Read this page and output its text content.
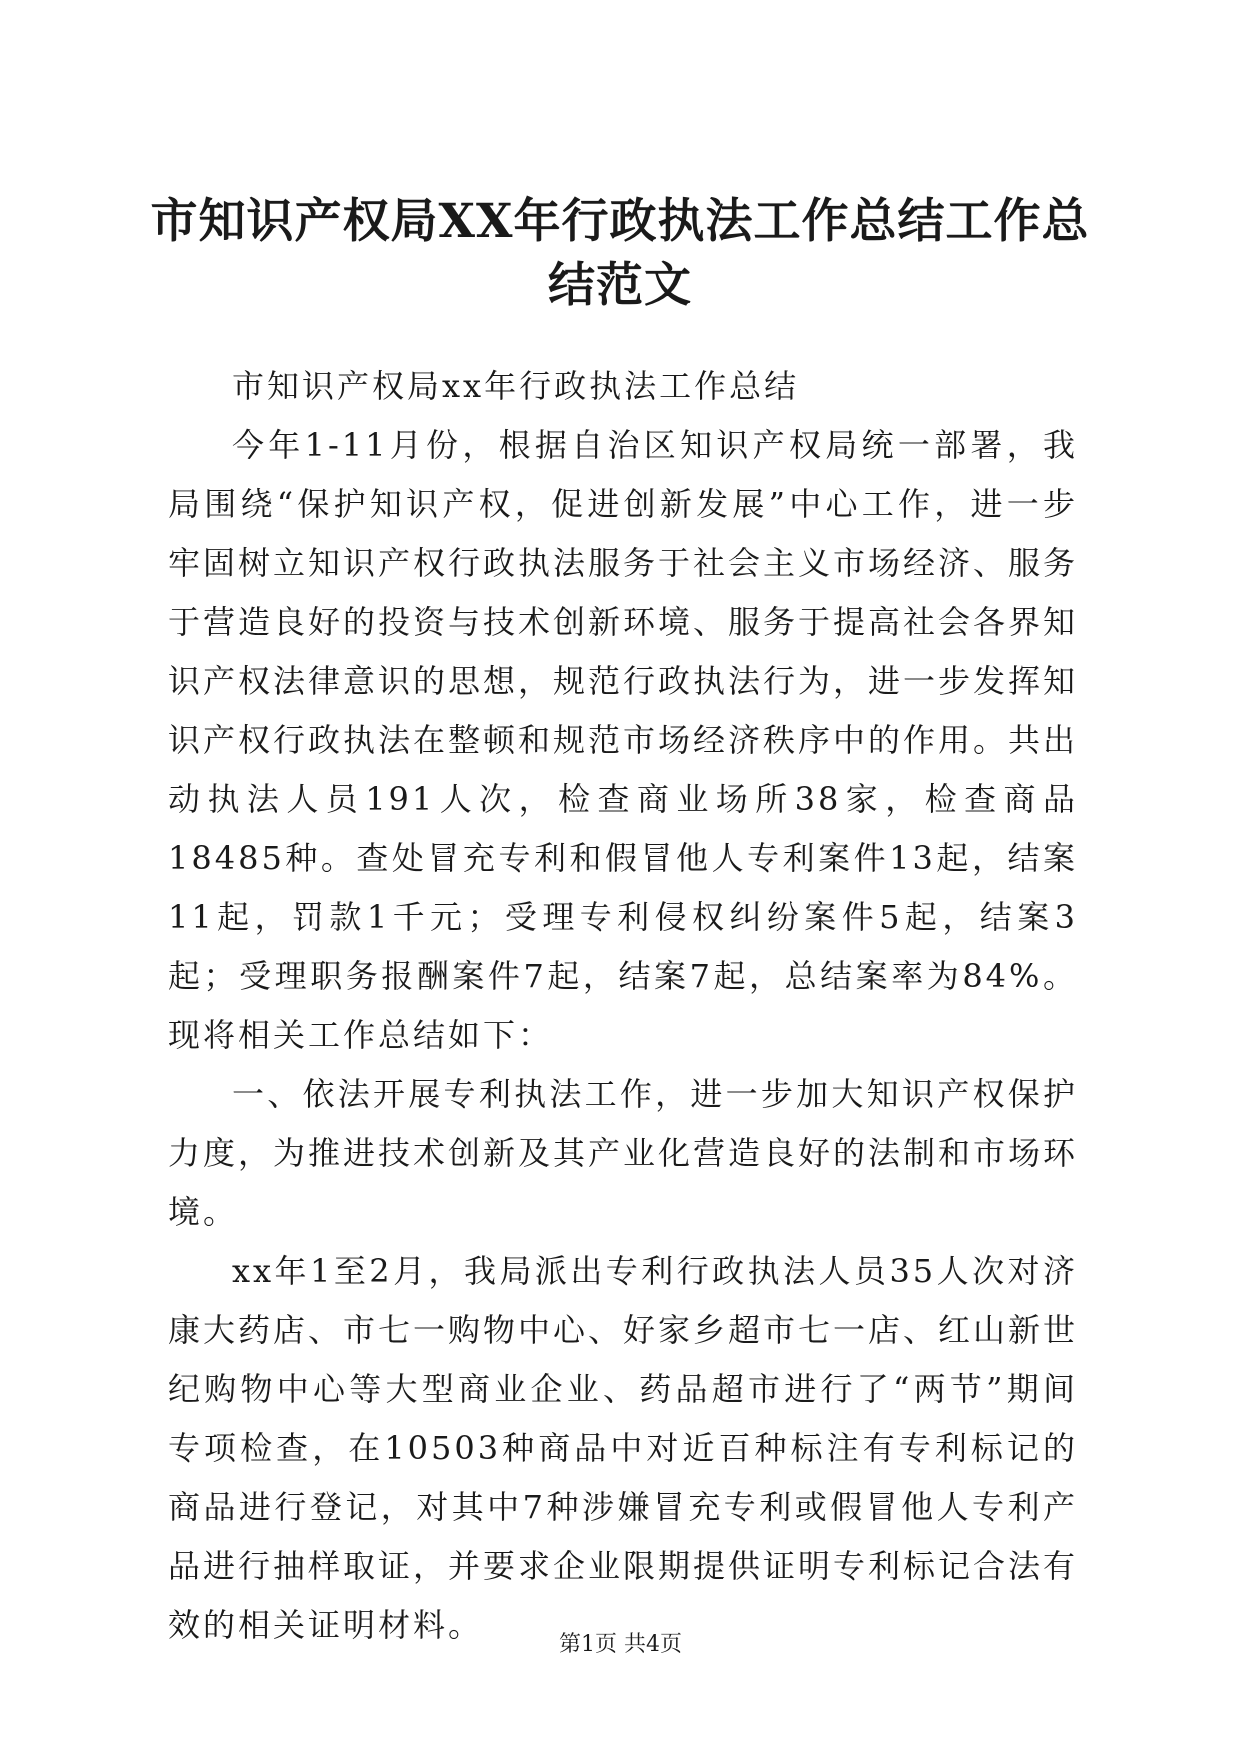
市知识产权局XX年行政执法工作总结工作总结范文

市知识产权局xx年行政执法工作总结

今年1-11月份，根据自治区知识产权局统一部署，我局围绕“保护知识产权，促进创新发展”中心工作，进一步牢固树立知识产权行政执法服务于社会主义市场经济、服务于营造良好的投资与技术创新环境、服务于提高社会各界知识产权法律意识的思想，规范行政执法行为，进一步发挥知识产权行政执法在整顿和规范市场经济秩序中的作用。共出动执法人员191人次，检查商业场所38家，检查商品18485种。查处冒充专利和假冒他人专利案件13起，结案11起，罚款1千元；受理专利侵权纠纷案件5起，结案3起；受理职务报酬案件7起，结案7起，总结案率为84%。现将相关工作总结如下：

一、依法开展专利执法工作，进一步加大知识产权保护力度，为推进技术创新及其产业化营造良好的法制和市场环境。

xx年1至2月，我局派出专利行政执法人员35人次对济康大药店、市七一购物中心、好家乡超市七一店、红山新世纪购物中心等大型商业企业、药品超市进行了“两节”期间专项检查，在10503种商品中对近百种标注有专利标记的商品进行登记，对其中7种涉嫌冒充专利或假冒他人专利产品进行抽样取证，并要求企业限期提供证明专利标记合法有效的相关证明材料。

第1页 共4页
